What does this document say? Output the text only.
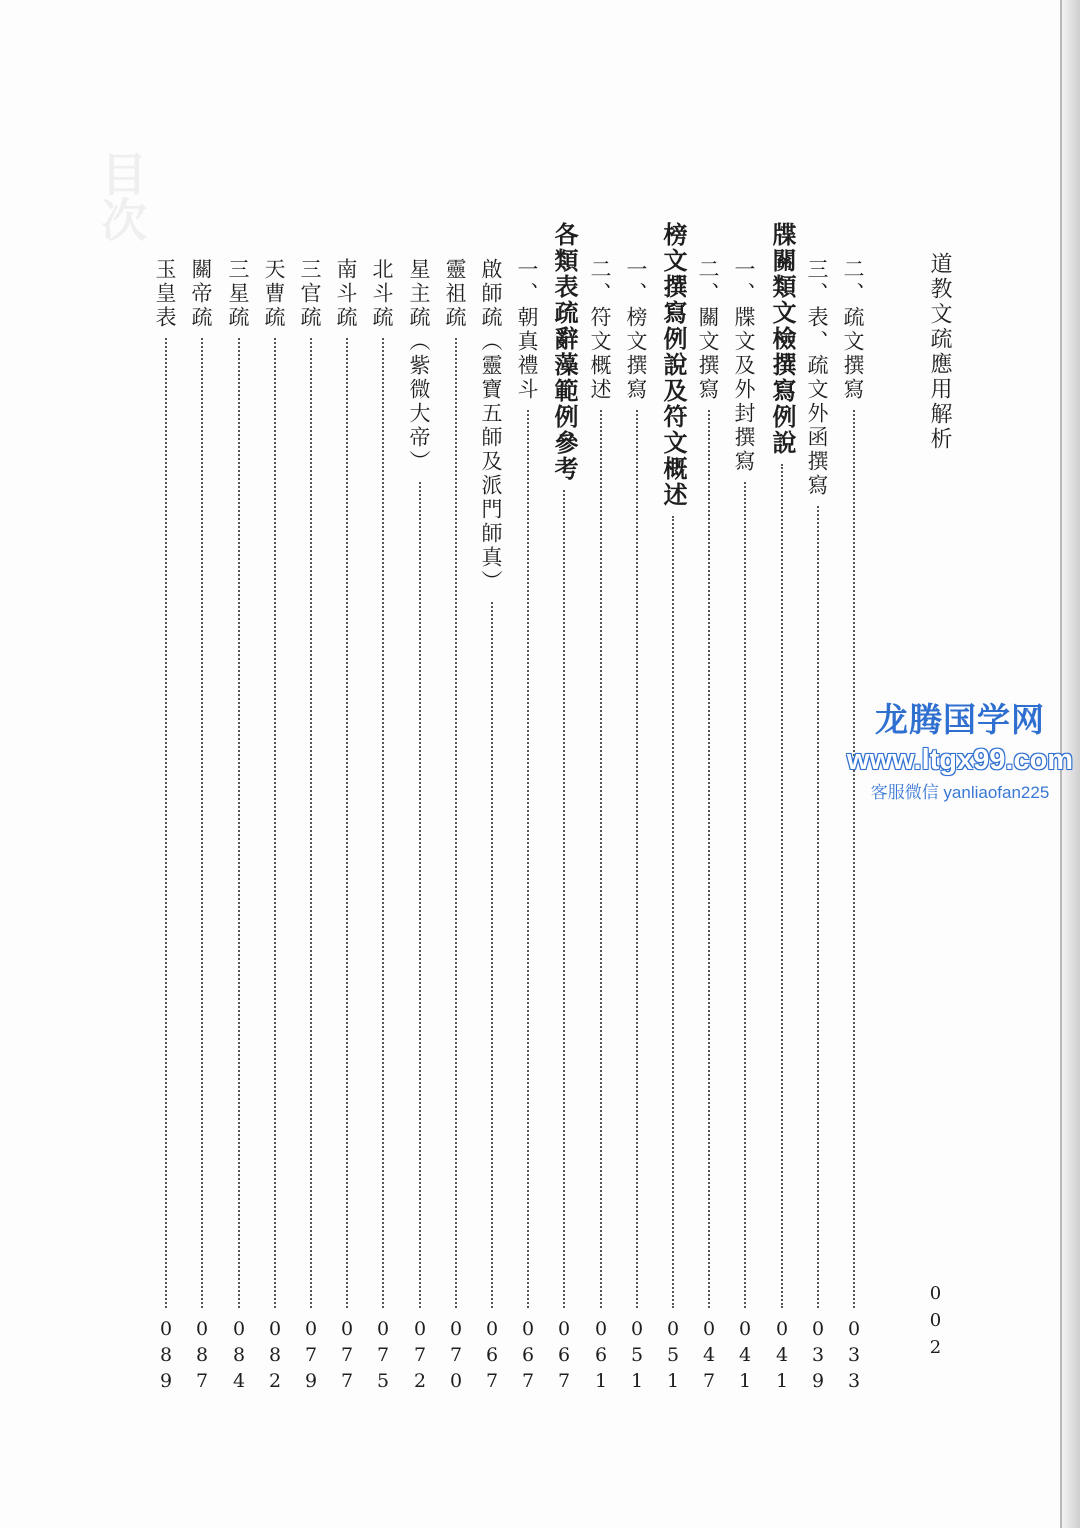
目次
道教文疏應用解析
二、疏文撰寫
033
三、表、疏文外函撰寫
039
牒關類文檢撰寫例說
041
一、牒文及外封撰寫
041
二、關文撰寫
047
榜文撰寫例說及符文概述
051
一、榜文撰寫
051
二、符文概述
061
各類表疏辭藻範例參考
067
一、朝真禮斗
067
啟師疏（靈寶五師及派門師真）
067
靈祖疏
070
星主疏（紫微大帝）
072
北斗疏
075
南斗疏
077
三官疏
079
天曹疏
082
三星疏
084
關帝疏
087
玉皇表
089	002
龙腾国学网
www.ltgx99.com
客服微信 yanliaofan225
